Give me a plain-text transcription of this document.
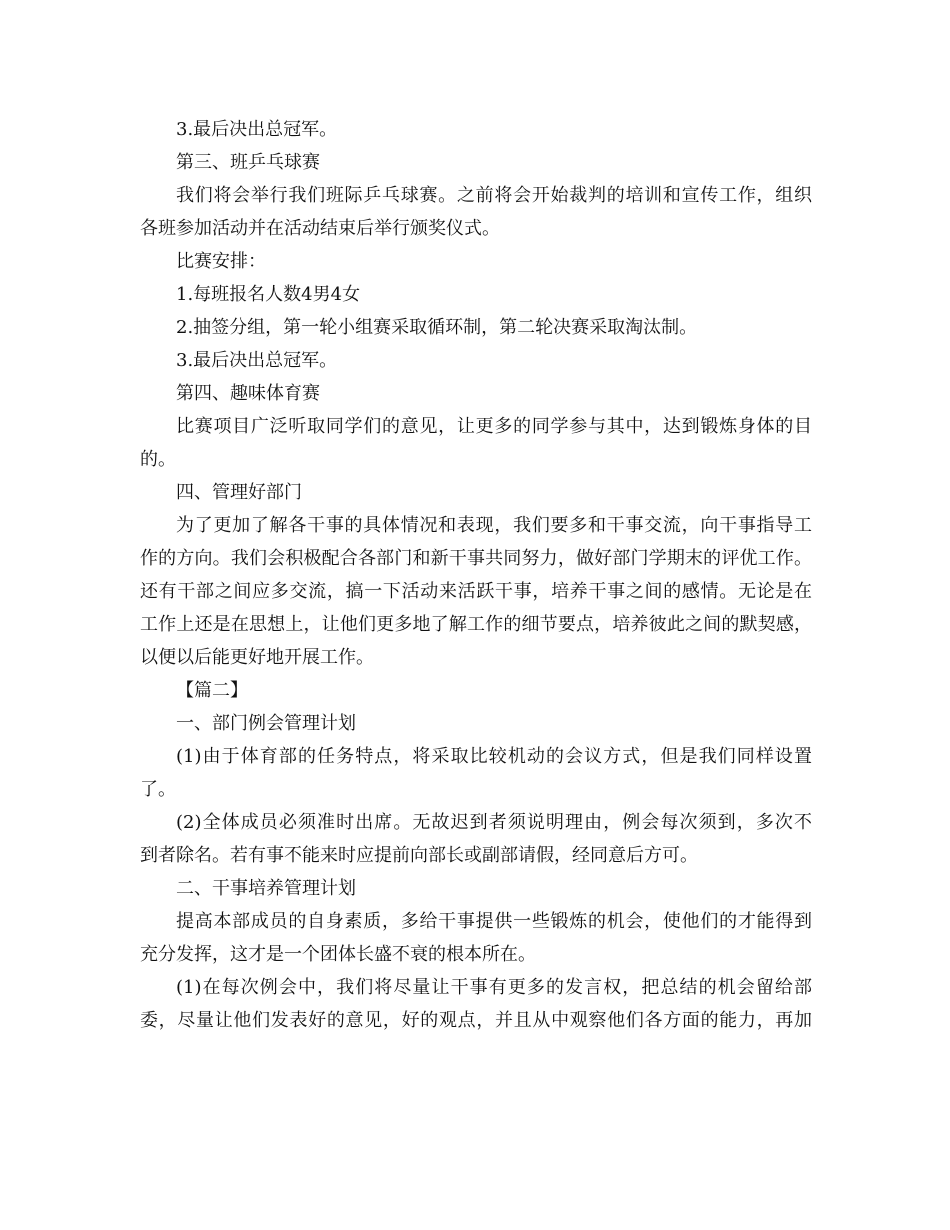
3.最后决出总冠军。
第三、班乒乓球赛
我们将会举行我们班际乒乓球赛。之前将会开始裁判的培训和宣传工作，组织
各班参加活动并在活动结束后举行颁奖仪式。
比赛安排：
1.每班报名人数4男4女
2.抽签分组，第一轮小组赛采取循环制，第二轮决赛采取淘汰制。
3.最后决出总冠军。
第四、趣味体育赛
比赛项目广泛听取同学们的意见，让更多的同学参与其中，达到锻炼身体的目
的。
四、管理好部门
为了更加了解各干事的具体情况和表现，我们要多和干事交流，向干事指导工
作的方向。我们会积极配合各部门和新干事共同努力，做好部门学期末的评优工作。
还有干部之间应多交流，搞一下活动来活跃干事，培养干事之间的感情。无论是在
工作上还是在思想上，让他们更多地了解工作的细节要点，培养彼此之间的默契感，
以便以后能更好地开展工作。
【篇二】
一、部门例会管理计划
(1)由于体育部的任务特点，将采取比较机动的会议方式，但是我们同样设置
了。
(2)全体成员必须准时出席。无故迟到者须说明理由，例会每次须到，多次不
到者除名。若有事不能来时应提前向部长或副部请假，经同意后方可。
二、干事培养管理计划
提高本部成员的自身素质，多给干事提供一些锻炼的机会，使他们的才能得到
充分发挥，这才是一个团体长盛不衰的根本所在。
(1)在每次例会中，我们将尽量让干事有更多的发言权，把总结的机会留给部
委，尽量让他们发表好的意见，好的观点，并且从中观察他们各方面的能力，再加
